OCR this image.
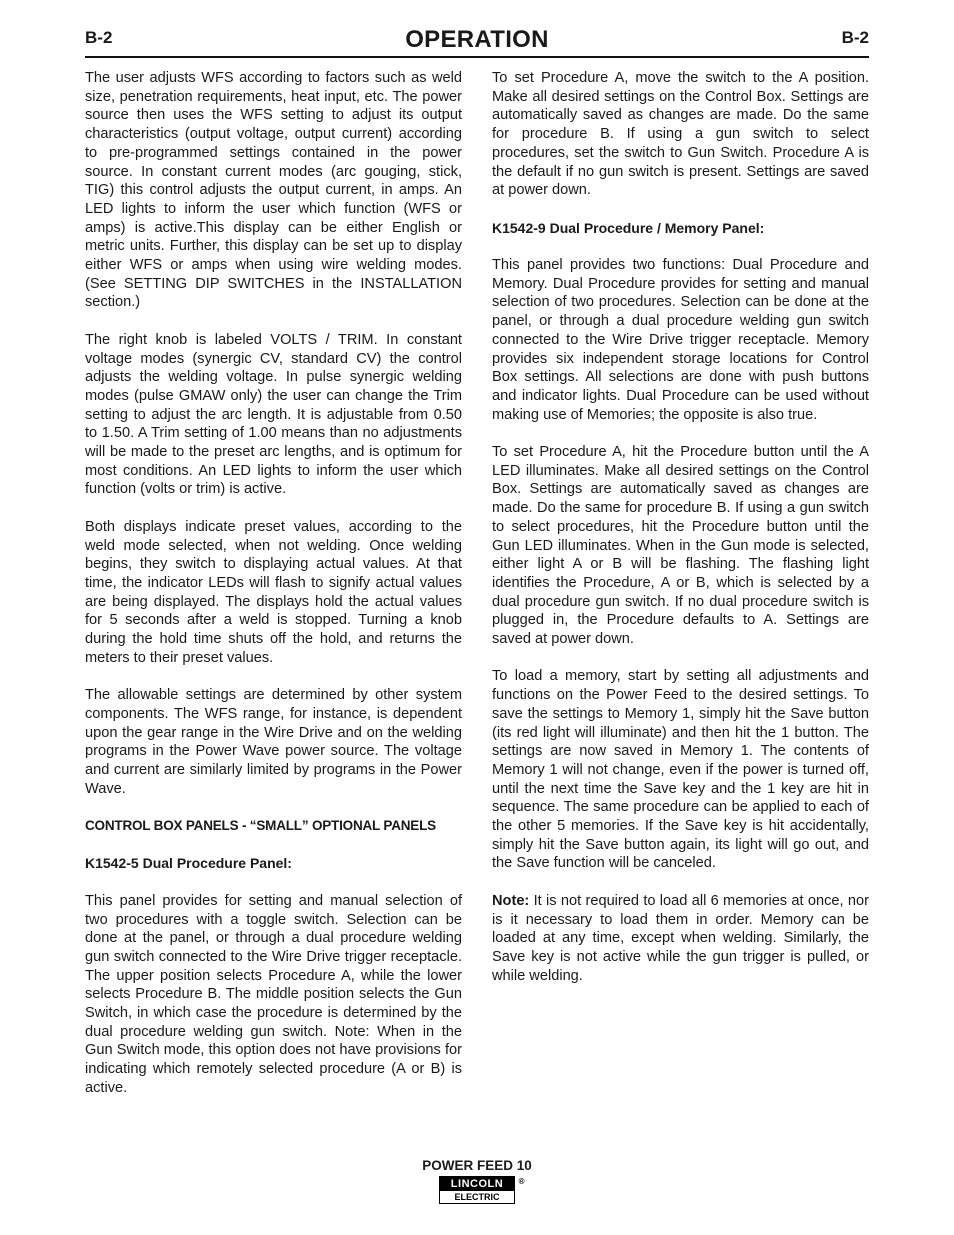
B-2	OPERATION	B-2

The user adjusts WFS according to factors such as weld size, penetration requirements, heat input, etc. The power source then uses the WFS setting to adjust its output characteristics (output voltage, output current) according to pre-programmed settings contained in the power source. In constant current modes (arc gouging, stick, TIG) this control adjusts the output current, in amps. An LED lights to inform the user which function (WFS or amps) is active.This display can be either English or metric units. Further, this display can be set up to display either WFS or amps when using wire welding modes. (See SETTING DIP SWITCHES in the INSTALLATION section.)

The right knob is labeled VOLTS / TRIM. In constant voltage modes (synergic CV, standard CV) the control adjusts the welding voltage. In pulse synergic welding modes (pulse GMAW only) the user can change the Trim setting to adjust the arc length. It is adjustable from 0.50 to 1.50. A Trim setting of 1.00 means than no adjustments will be made to the preset arc lengths, and is optimum for most conditions. An LED lights to inform the user which function (volts or trim) is active.

Both displays indicate preset values, according to the weld mode selected, when not welding. Once welding begins, they switch to displaying actual values. At that time, the indicator LEDs will flash to signify actual values are being displayed. The displays hold the actual values for 5 seconds after a weld is stopped. Turning a knob during the hold time shuts off the hold, and returns the meters to their preset values.

The allowable settings are determined by other system components. The WFS range, for instance, is dependent upon the gear range in the Wire Drive and on the welding programs in the Power Wave power source. The voltage and current are similarly limited by programs in the Power Wave.

CONTROL BOX PANELS - “SMALL” OPTIONAL PANELS

K1542-5 Dual Procedure Panel:

This panel provides for setting and manual selection of two procedures with a toggle switch. Selection can be done at the panel, or through a dual procedure welding gun switch connected to the Wire Drive trigger receptacle. The upper position selects Procedure A, while the lower selects Procedure B. The middle position selects the Gun Switch, in which case the procedure is determined by the dual procedure welding gun switch. Note: When in the Gun Switch mode, this option does not have provisions for indicating which remotely selected procedure (A or B) is active.

To set Procedure A, move the switch to the A position. Make all desired settings on the Control Box. Settings are automatically saved as changes are made. Do the same for procedure B. If using a gun switch to select procedures, set the switch to Gun Switch. Procedure A is the default if no gun switch is present. Settings are saved at power down.

K1542-9 Dual Procedure / Memory Panel:

This panel provides two functions: Dual Procedure and Memory. Dual Procedure provides for setting and manual selection of two procedures. Selection can be done at the panel, or through a dual procedure welding gun switch connected to the Wire Drive trigger receptacle. Memory provides six independent storage locations for Control Box settings. All selections are done with push buttons and indicator lights. Dual Procedure can be used without making use of Memories; the opposite is also true.

To set Procedure A, hit the Procedure button until the A LED illuminates. Make all desired settings on the Control Box. Settings are automatically saved as changes are made. Do the same for procedure B. If using a gun switch to select procedures, hit the Procedure button until the Gun LED illuminates. When in the Gun mode is selected, either light A or B will be flashing. The flashing light identifies the Procedure, A or B, which is selected by a dual procedure gun switch. If no dual procedure switch is plugged in, the Procedure defaults to A. Settings are saved at power down.

To load a memory, start by setting all adjustments and functions on the Power Feed to the desired settings. To save the settings to Memory 1, simply hit the Save button (its red light will illuminate) and then hit the 1 button. The settings are now saved in Memory 1. The contents of Memory 1 will not change, even if the power is turned off, until the next time the Save key and the 1 key are hit in sequence. The same procedure can be applied to each of the other 5 memories. If the Save key is hit accidentally, simply hit the Save button again, its light will go out, and the Save function will be canceled.

Note: It is not required to load all 6 memories at once, nor is it necessary to load them in order. Memory can be loaded at any time, except when welding. Similarly, the Save key is not active while the gun trigger is pulled, or while welding.

POWER FEED 10
LINCOLN ®
ELECTRIC
